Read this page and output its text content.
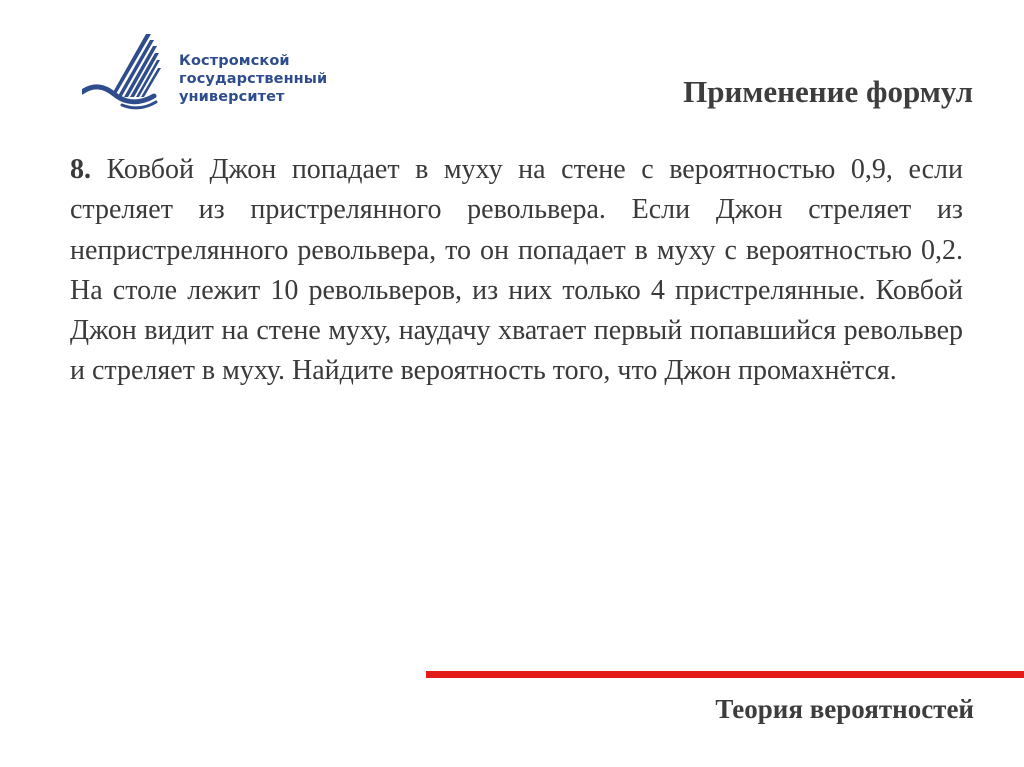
Костромской
государственный
университет	Применение формул

8. Ковбой Джон попадает в муху на стене с вероятностью 0,9, если стреляет из пристрелянного револьвера. Если Джон стреляет из непристрелянного револьвера, то он попадает в муху с вероятностью 0,2. На столе лежит 10 револьверов, из них только 4 пристрелянные. Ковбой Джон видит на стене муху, наудачу хватает первый попавшийся револьвер и стреляет в муху. Найдите вероятность того, что Джон промахнётся.

Теория вероятностей
